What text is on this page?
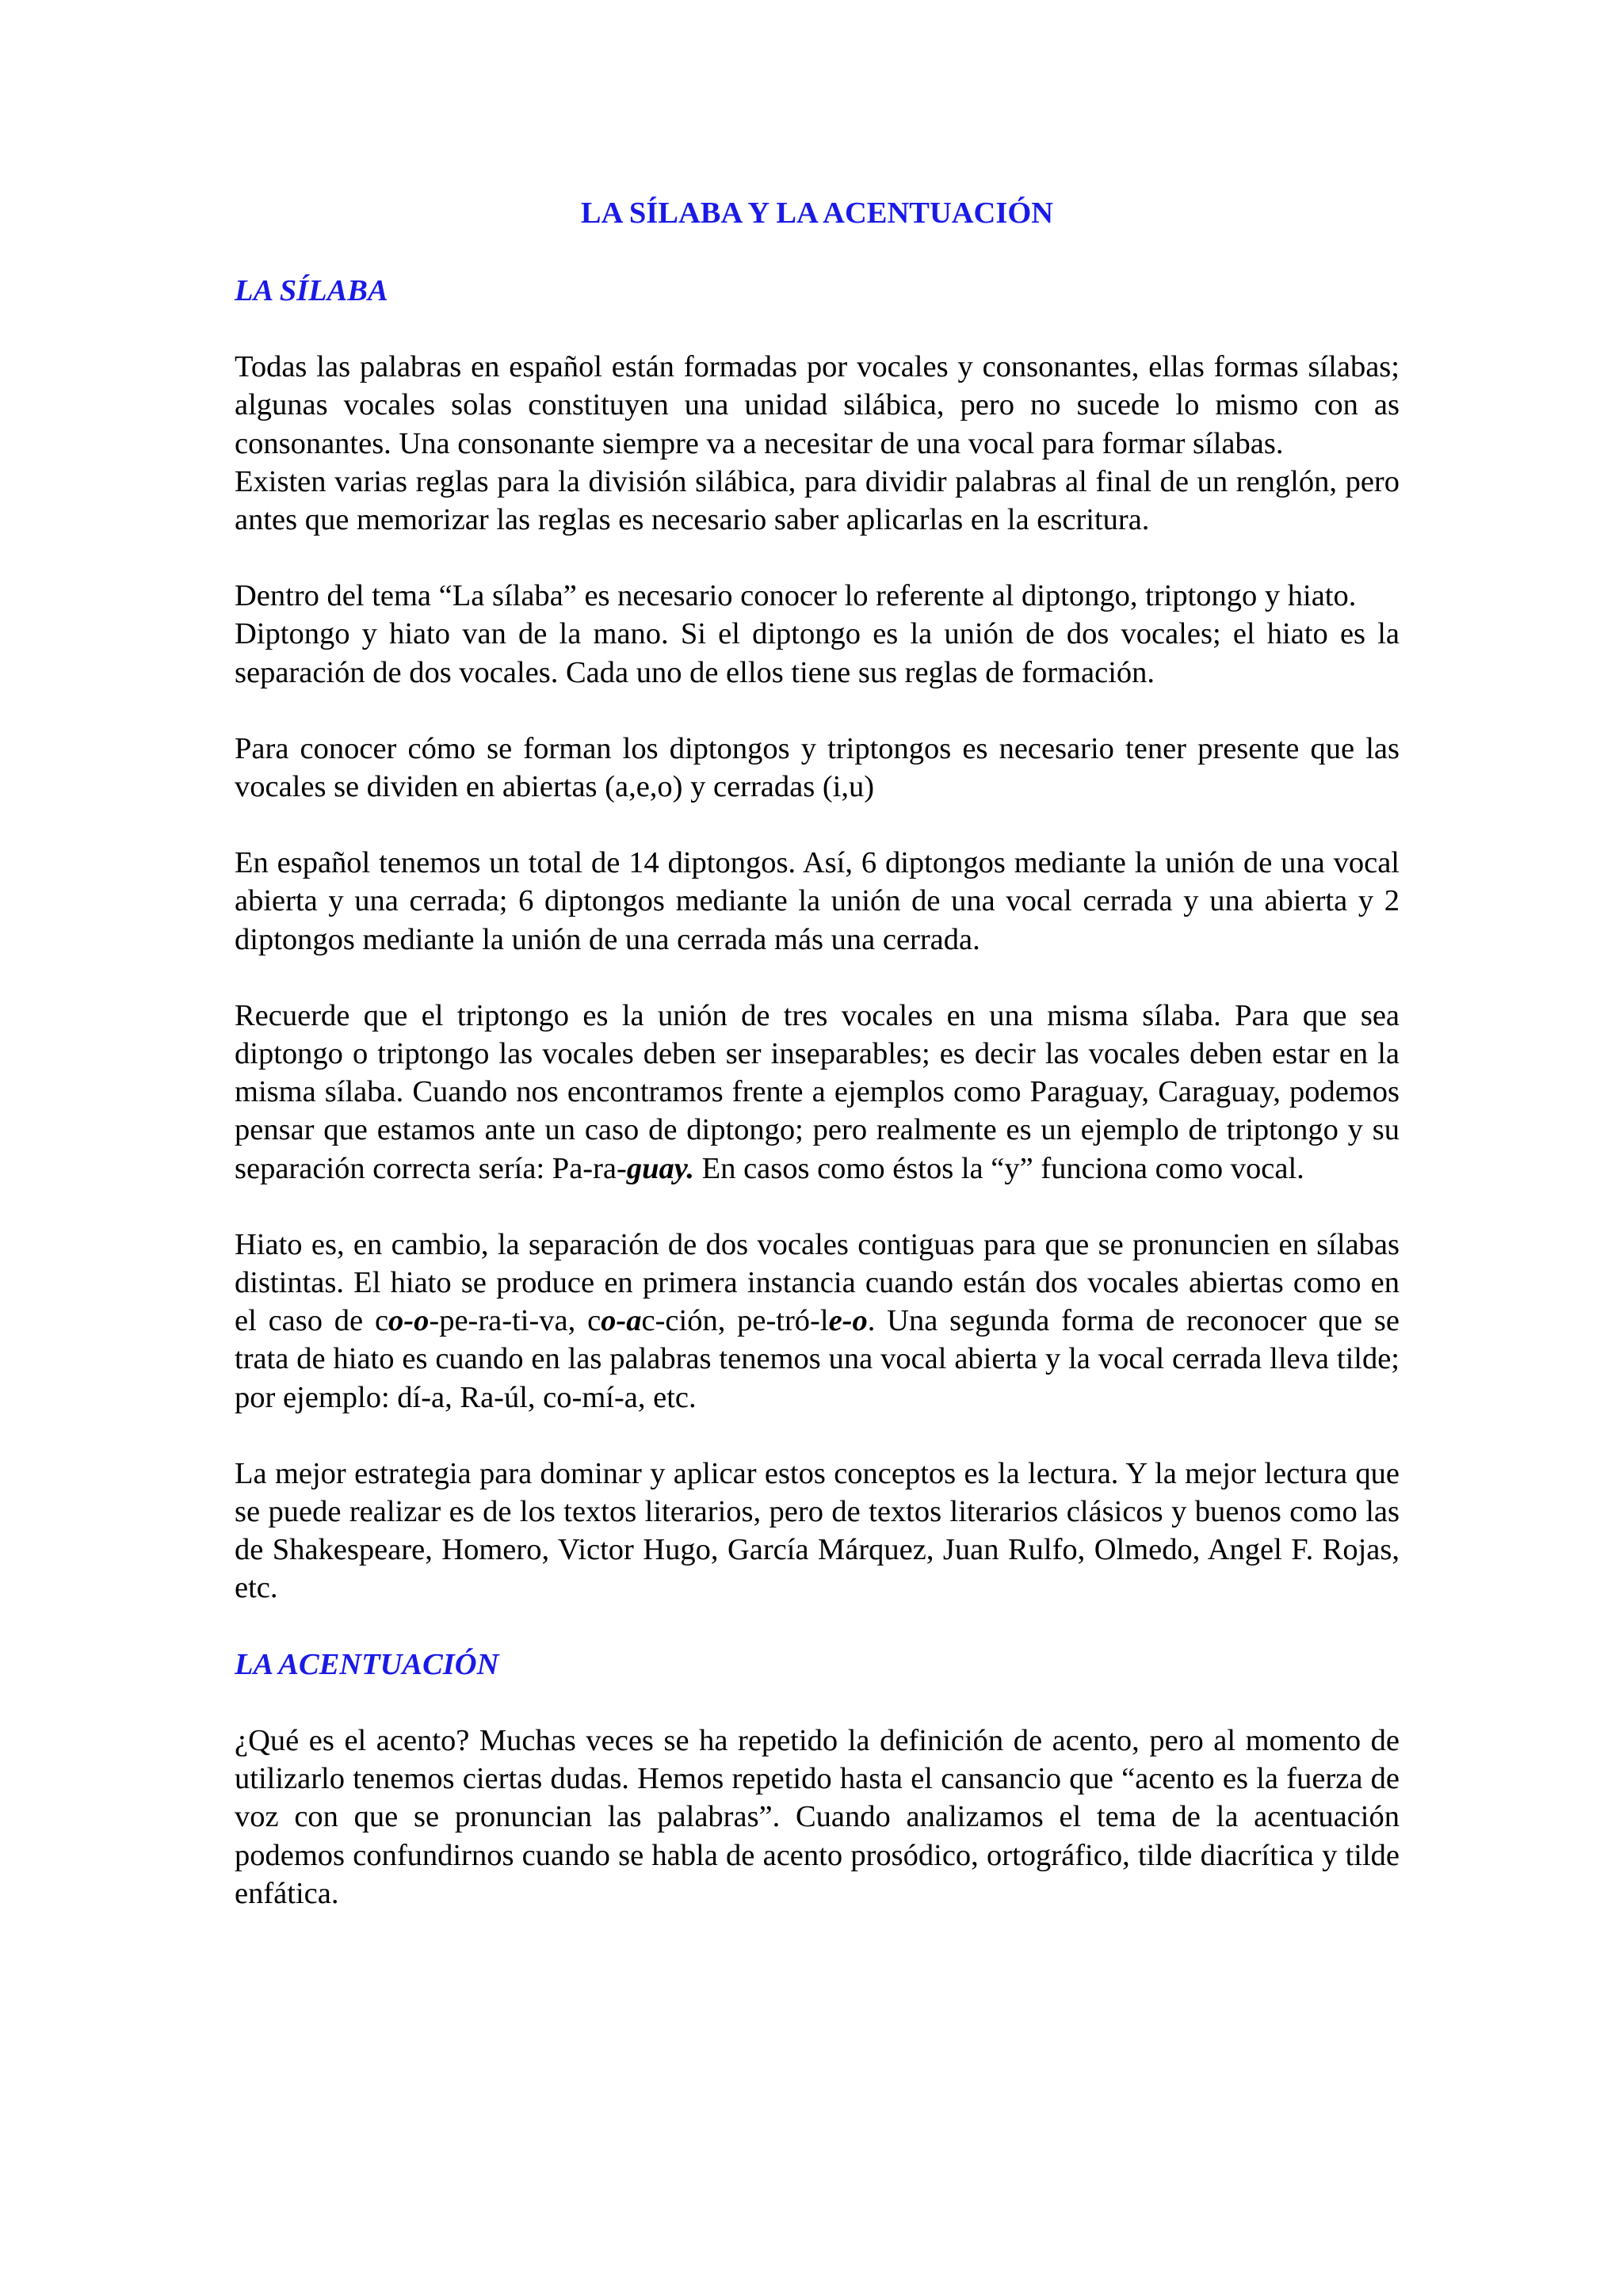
LA SÍLABA Y LA ACENTUACIÓN
LA SÍLABA

Todas las palabras en español están formadas por vocales y consonantes, ellas formas sílabas; algunas vocales solas constituyen una unidad silábica, pero no sucede lo mismo con as consonantes. Una consonante siempre va a necesitar de una vocal para formar sílabas.

Existen varias reglas para la división silábica, para dividir palabras al final de un renglón, pero antes que memorizar las reglas es necesario saber aplicarlas en la escritura.

Dentro del tema “La sílaba” es necesario conocer lo referente al diptongo, triptongo y hiato.

Diptongo y hiato van de la mano. Si el diptongo es la unión de dos vocales; el hiato es la separación de dos vocales. Cada uno de ellos tiene sus reglas de formación.

Para conocer cómo se forman los diptongos y triptongos es necesario tener presente que las vocales se dividen en abiertas (a,e,o) y cerradas (i,u)

En español tenemos un total de 14 diptongos. Así, 6 diptongos mediante la unión de una vocal abierta y una cerrada; 6 diptongos mediante la unión de una vocal cerrada y una abierta y 2 diptongos mediante la unión de una cerrada más una cerrada.

Recuerde que el triptongo es la unión de tres vocales en una misma sílaba. Para que sea diptongo o triptongo las vocales deben ser inseparables; es decir las vocales deben estar en la misma sílaba. Cuando nos encontramos frente a ejemplos como Paraguay, Caraguay, podemos pensar que estamos ante un caso de diptongo; pero realmente es un ejemplo de triptongo y su separación correcta sería: Pa-ra-guay. En casos como éstos la “y” funciona como vocal.

Hiato es, en cambio, la separación de dos vocales contiguas para que se pronuncien en sílabas distintas. El hiato se produce en primera instancia cuando están dos vocales abiertas como en el caso de co-o-pe-ra-ti-va, co-ac-ción, pe-tró-le-o. Una segunda forma de reconocer que se trata de hiato es cuando en las palabras tenemos una vocal abierta y la vocal cerrada lleva tilde; por ejemplo: dí-a, Ra-úl, co-mí-a, etc.

La mejor estrategia para dominar y aplicar estos conceptos es la lectura. Y la mejor lectura que se puede realizar es de los textos literarios, pero de textos literarios clásicos y buenos como las de Shakespeare, Homero, Victor Hugo, García Márquez, Juan Rulfo, Olmedo, Angel F. Rojas, etc.

LA ACENTUACIÓN

¿Qué es el acento? Muchas veces se ha repetido la definición de acento, pero al momento de utilizarlo tenemos ciertas dudas. Hemos repetido hasta el cansancio que “acento es la fuerza de voz con que se pronuncian las palabras”. Cuando analizamos el tema de la acentuación podemos confundirnos cuando se habla de acento prosódico, ortográfico, tilde diacrítica y tilde enfática.
